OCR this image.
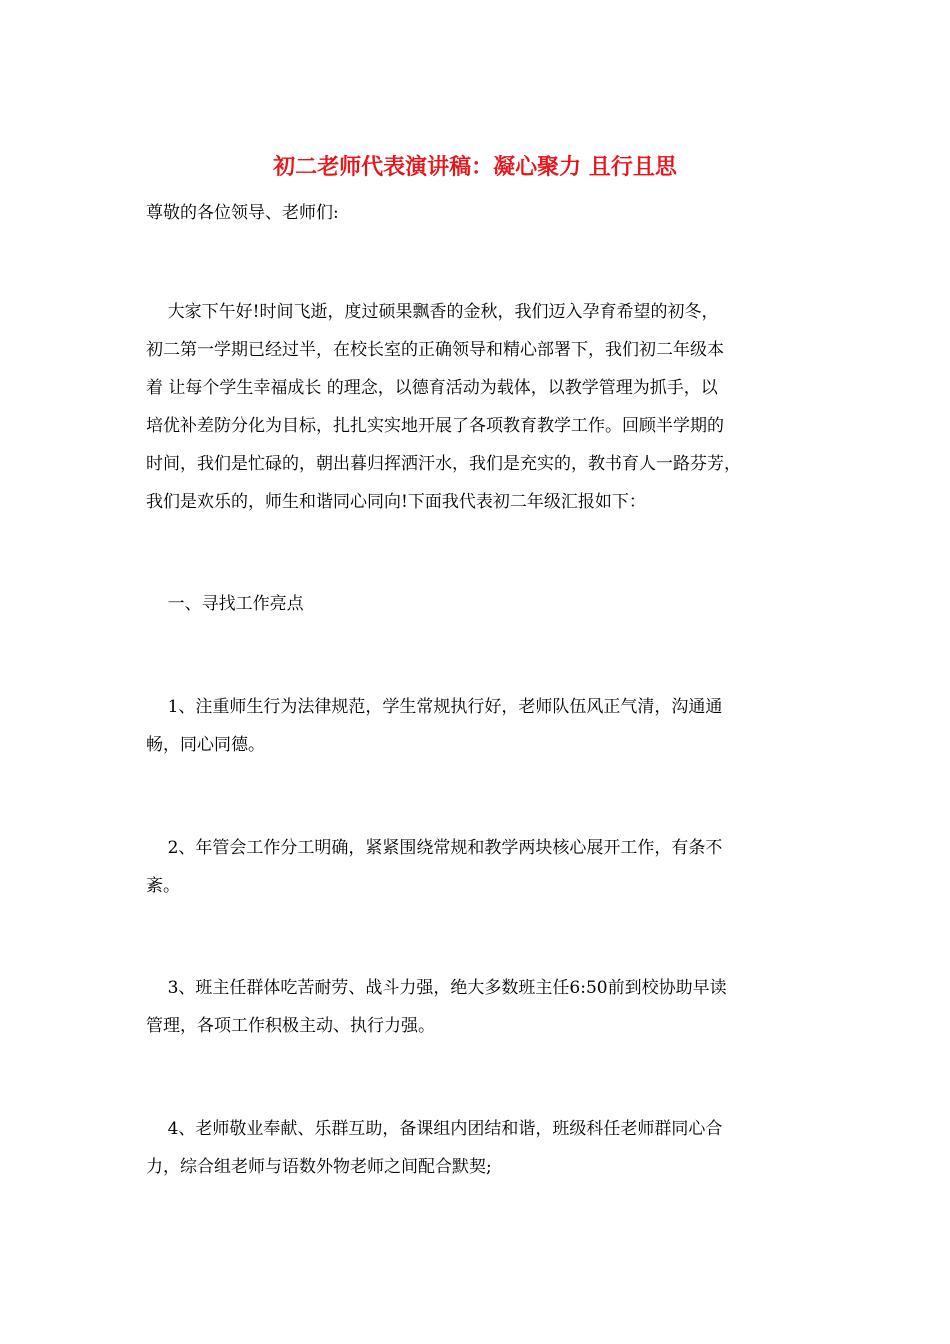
初二老师代表演讲稿：凝心聚力 且行且思
尊敬的各位领导、老师们:
大家下午好!时间飞逝，度过硕果飘香的金秋，我们迈入孕育希望的初冬，
初二第一学期已经过半，在校长室的正确领导和精心部署下，我们初二年级本
着 让每个学生幸福成长 的理念，以德育活动为载体，以教学管理为抓手，以
培优补差防分化为目标，扎扎实实地开展了各项教育教学工作。回顾半学期的
时间，我们是忙碌的，朝出暮归挥洒汗水，我们是充实的，教书育人一路芬芳，
我们是欢乐的，师生和谐同心同向!下面我代表初二年级汇报如下：
一、寻找工作亮点
1、注重师生行为法律规范，学生常规执行好，老师队伍风正气清，沟通通
畅，同心同德。
2、年管会工作分工明确，紧紧围绕常规和教学两块核心展开工作，有条不
紊。
3、班主任群体吃苦耐劳、战斗力强，绝大多数班主任6:50前到校协助早读
管理，各项工作积极主动、执行力强。
4、老师敬业奉献、乐群互助，备课组内团结和谐，班级科任老师群同心合
力，综合组老师与语数外物老师之间配合默契;
